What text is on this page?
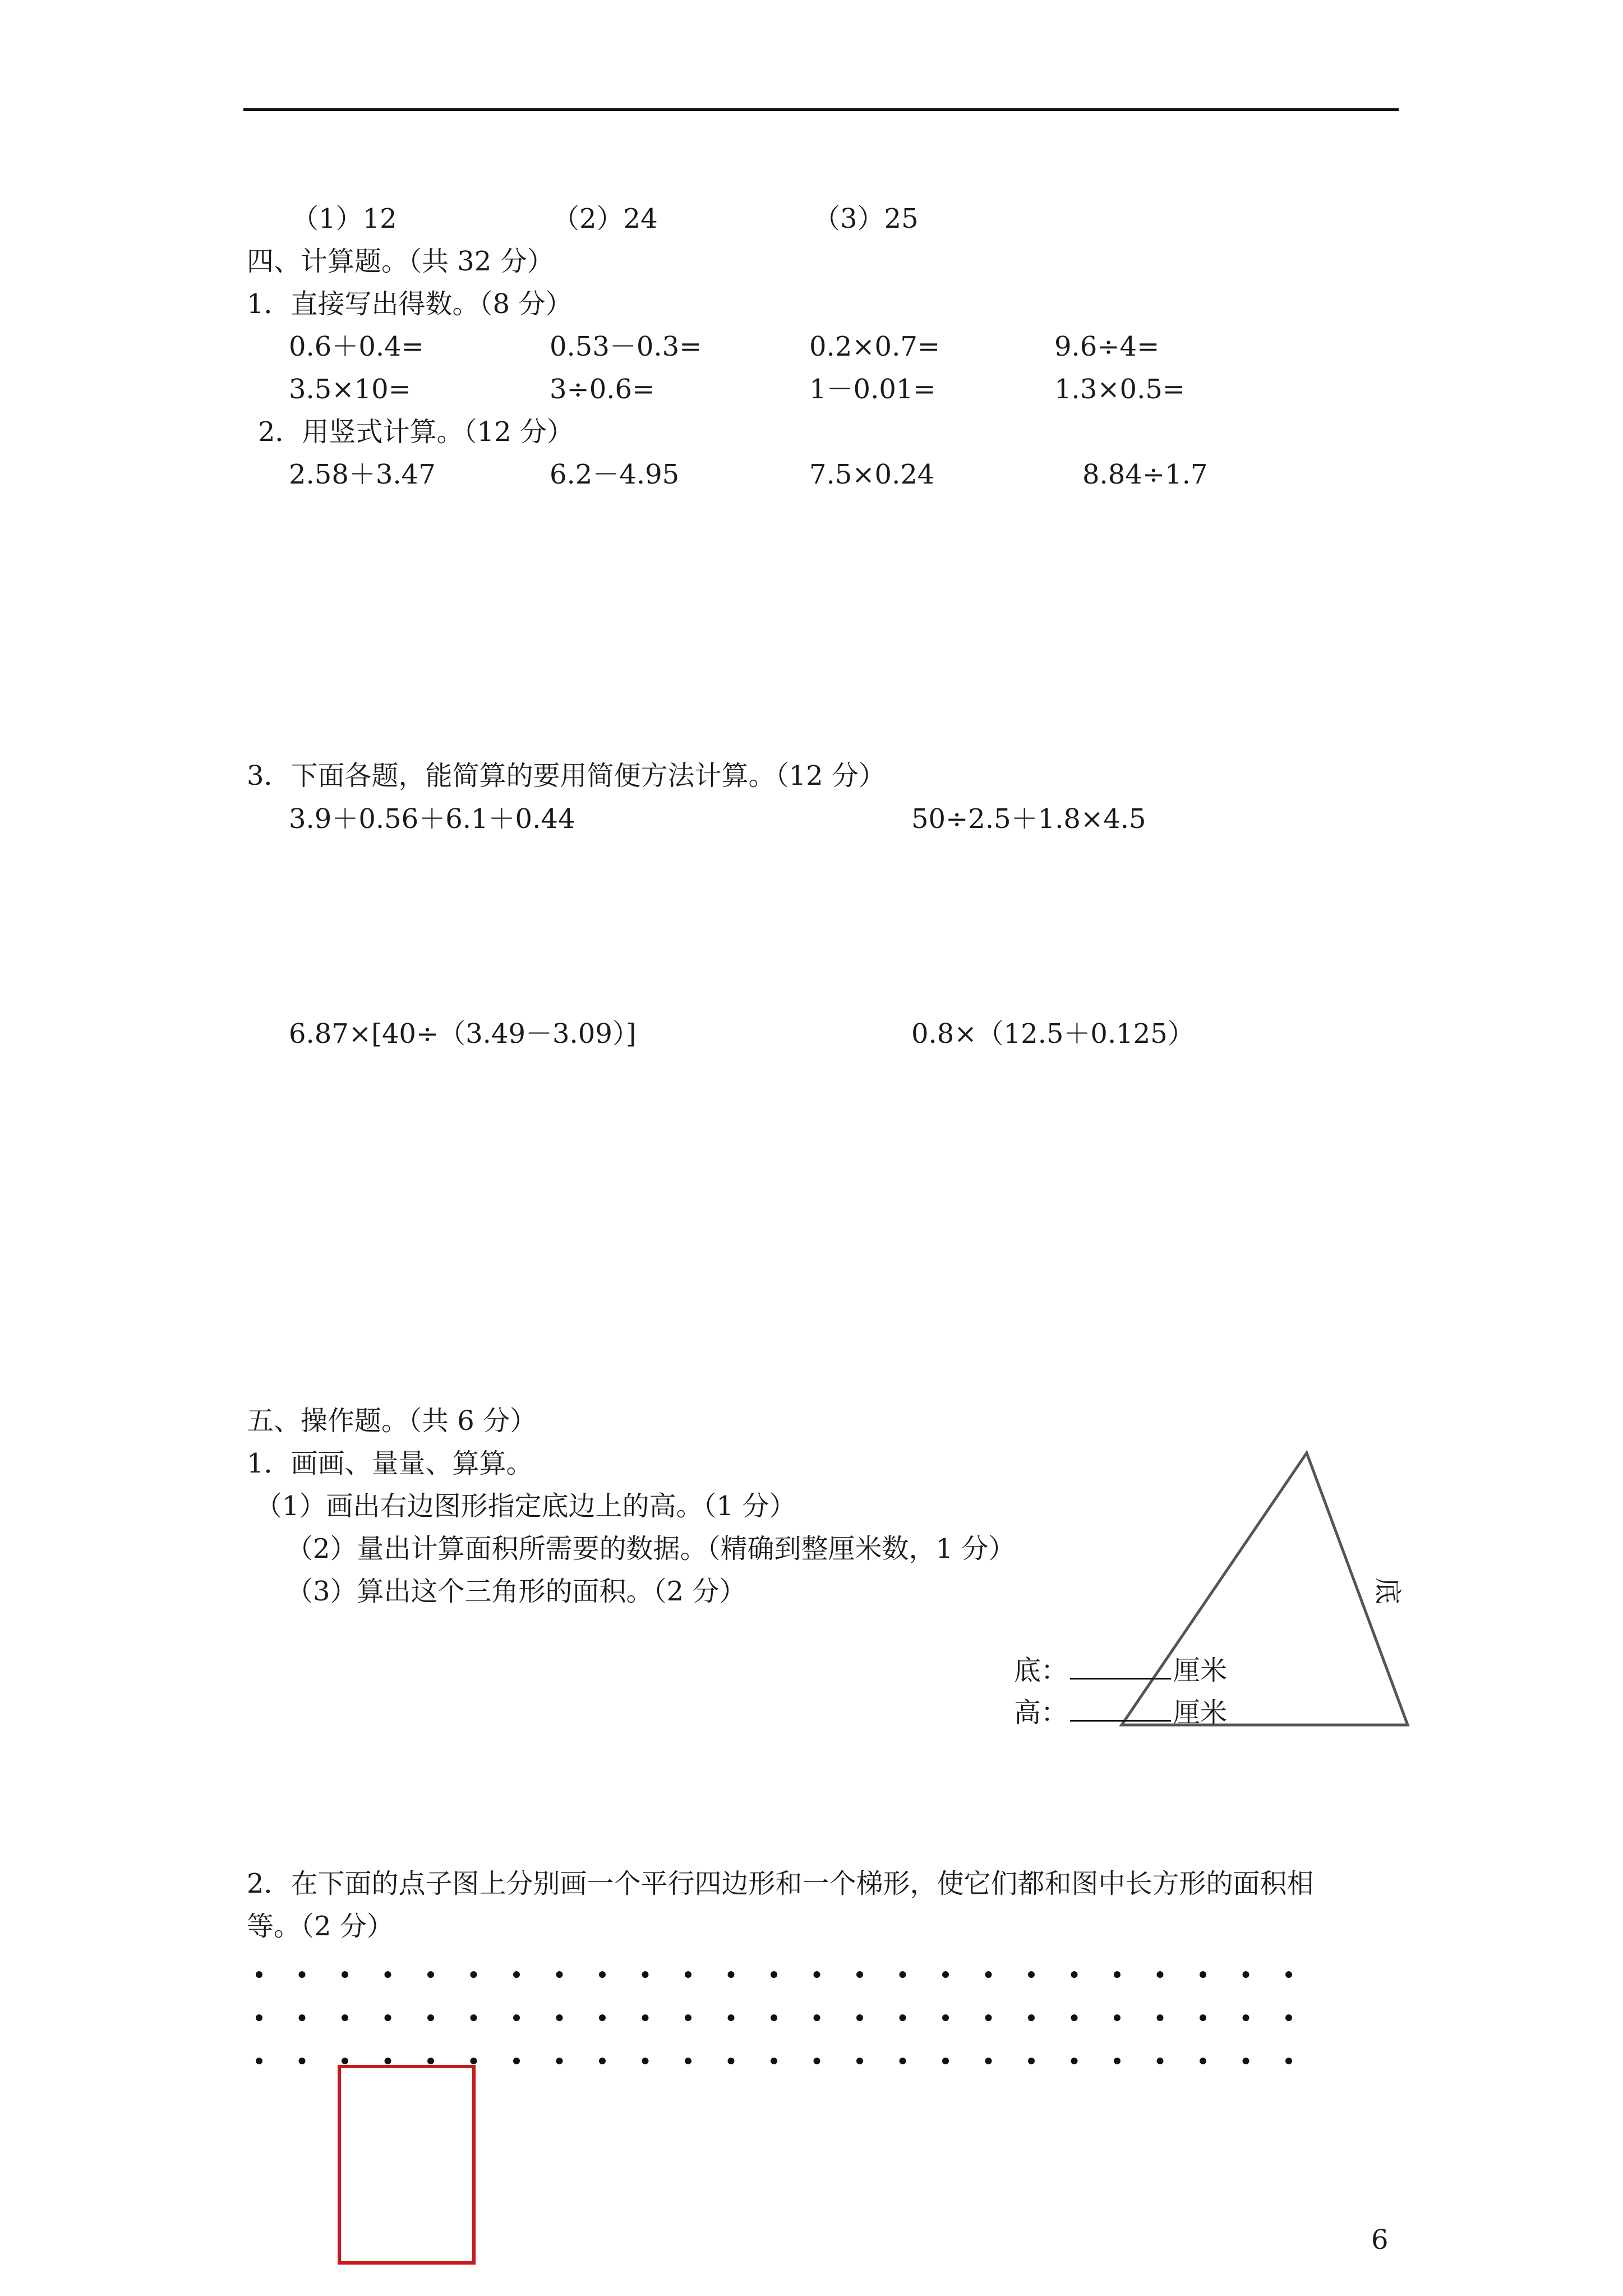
（1）12	（2）24	（3）25
四、计算题。（共 32 分）
1．直接写出得数。（8 分）
0.6＋0.4=	0.53－0.3=	0.2×0.7=	9.6÷4=
3.5×10=	3÷0.6=	1－0.01=	1.3×0.5=
2．用竖式计算。（12 分）
2.58＋3.47	6.2－4.95	7.5×0.24	8.84÷1.7
3．下面各题，能简算的要用简便方法计算。（12 分）
3.9＋0.56＋6.1＋0.44	50÷2.5＋1.8×4.5
6.87×[40÷（3.49－3.09）]	0.8×（12.5＋0.125）
五、操作题。（共 6 分）
1．画画、量量、算算。
（1）画出右边图形指定底边上的高。（1 分）
（2）量出计算面积所需要的数据。（精确到整厘米数，1 分）
（3）算出这个三角形的面积。（2 分）	底
底：	厘米
高：	厘米
2．在下面的点子图上分别画一个平行四边形和一个梯形，使它们都和图中长方形的面积相
等。（2 分）
6
